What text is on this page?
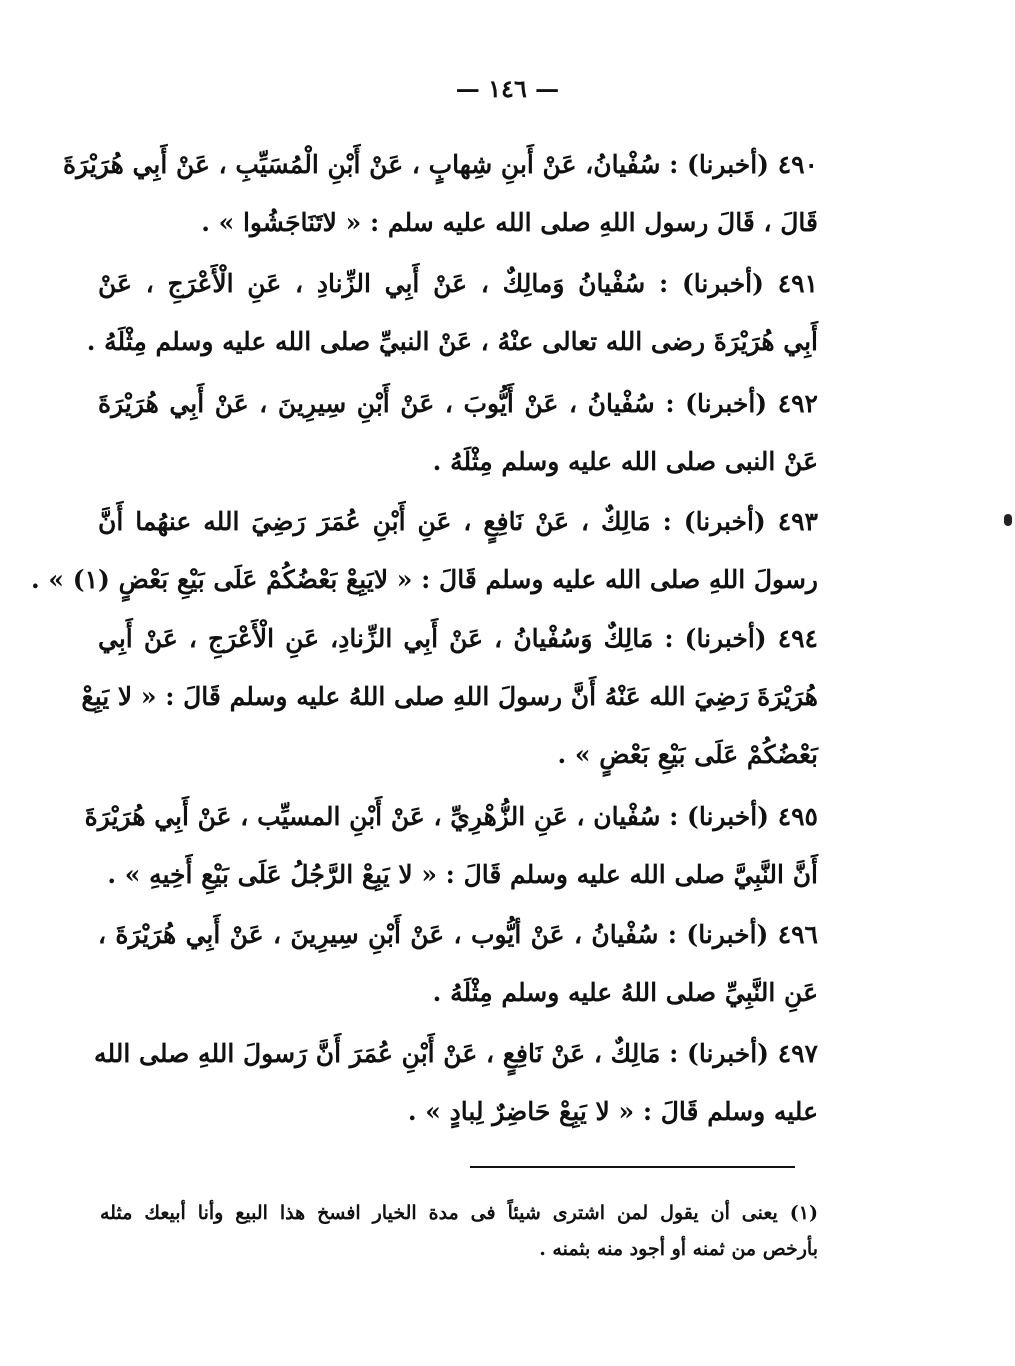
— ١٤٦ —
٤٩٠ (أخبرنا) : سُفْيانُ، عَنْ أَبنِ شِهابٍ ، عَنْ أَبْنِ الْمُسَيِّبِ ، عَنْ أَبِي هُرَيْرَةَ
قَالَ ، قَالَ رسول اللهِ صلى الله عليه سلم : « لاتَنَاجَشُوا » .
٤٩١ (أخبرنا) : سُفْيانُ وَمالِكٌ ، عَنْ أَبِي الزِّنادِ ، عَنِ الْأَعْرَجِ ، عَنْ
أَبِي هُرَيْرَةَ رضى الله تعالى عنْهُ ، عَنْ النبيِّ صلى الله عليه وسلم مِثْلَهُ .
٤٩٢ (أخبرنا) : سُفْيانُ ، عَنْ أَيُّوبَ ، عَنْ أَبْنِ سِيرِينَ ، عَنْ أَبِي هُرَيْرَةَ
عَنْ النبى صلى الله عليه وسلم مِثْلَهُ .
٤٩٣ (أخبرنا) : مَالِكٌ ، عَنْ نَافِعٍ ، عَنِ أَبْنِ عُمَرَ رَضِيَ الله عنهُما أَنَّ
رسولَ اللهِ صلى الله عليه وسلم قَالَ : « لايَبِعْ بَعْضُكُمْ عَلَى بَيْعِ بَعْضٍ (١) » .
٤٩٤ (أخبرنا) : مَالِكٌ وَسُفْيانُ ، عَنْ أَبِي الزِّنادِ، عَنِ الْأَعْرَجِ ، عَنْ أَبِي
هُرَيْرَةَ رَضِيَ الله عَنْهُ أَنَّ رسولَ اللهِ صلى اللهُ عليه وسلم قَالَ : « لا يَبِعْ
بَعْضُكُمْ عَلَى بَيْعِ بَعْضٍ » .
٤٩٥ (أخبرنا) : سُفْيان ، عَنِ الزُّهْرِيِّ ، عَنْ أَبْنِ المسيِّب ، عَنْ أَبِي هُرَيْرَةَ
أَنَّ النَّبِيَّ صلى الله عليه وسلم قَالَ : « لا يَبِعْ الرَّجُلُ عَلَى بَيْعِ أَخِيهِ » .
٤٩٦ (أخبرنا) : سُفْيانُ ، عَنْ أيُّوب ، عَنْ أَبْنِ سِيرِينَ ، عَنْ أَبِي هُرَيْرَةَ ،
عَنِ النَّبِيِّ صلى اللهُ عليه وسلم مِثْلَهُ .
٤٩٧ (أخبرنا) : مَالِكٌ ، عَنْ نَافِعٍ ، عَنْ أَبْنِ عُمَرَ أَنَّ رَسولَ اللهِ صلى الله
عليه وسلم قَالَ : « لا يَبِعْ حَاضِرٌ لِبادٍ » .
(١) يعنى أن يقول لمن اشترى شيئاً فى مدة الخيار افسخ هذا البيع وأنا أبيعك مثله
بأرخص من ثمنه أو أجود منه بثمنه .
